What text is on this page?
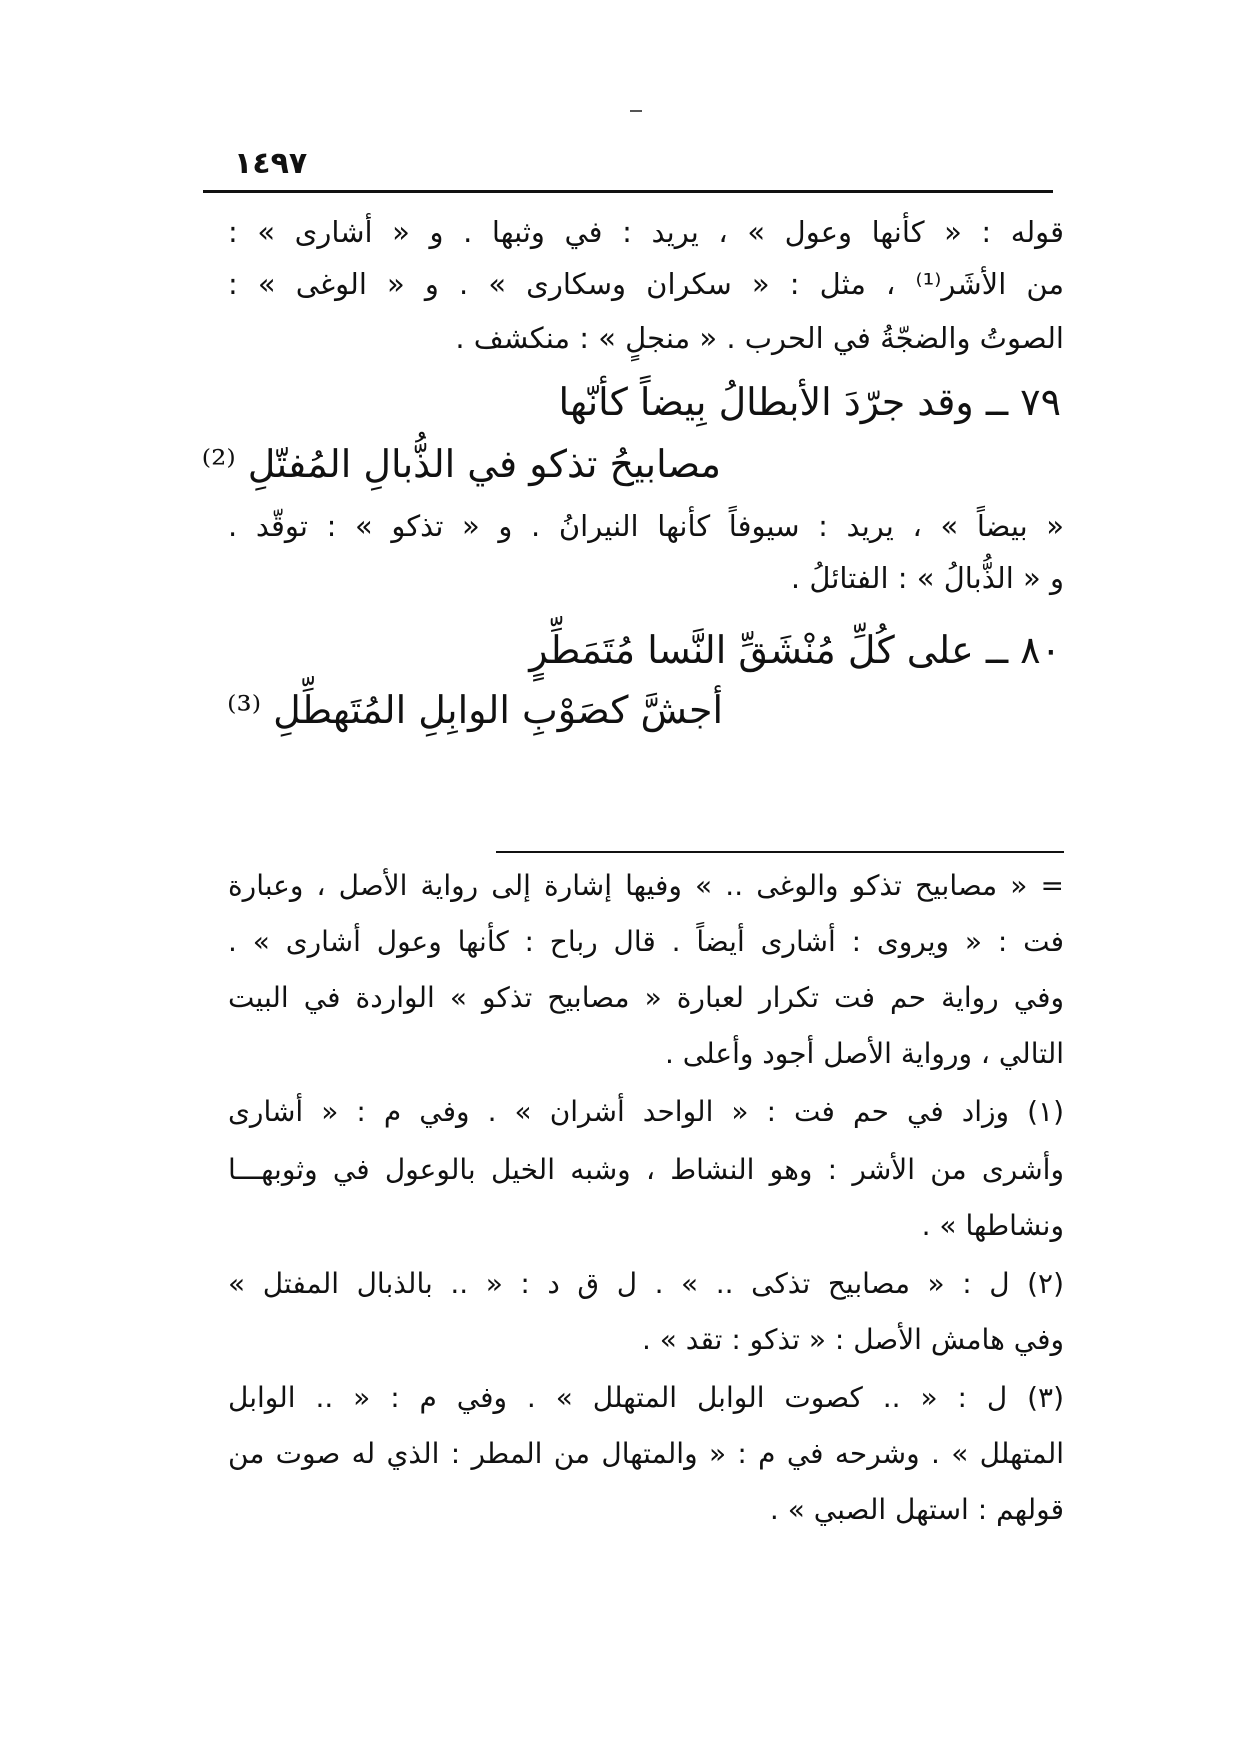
١٤٩٧
قوله : « كأنها وعول » ، يريد : في وثبها . و « أشارى » :
من الأشَر⁽¹⁾ ، مثل : « سكران وسكارى » . و « الوغى » :
الصوتُ والضجّةُ في الحرب . « منجلٍ » : منكشف .
٧٩ ــ وقد جرّدَ الأبطالُ بِيضاً كأنّها
مصابيحُ تذكو في الذُّبالِ المُفتّلِ ⁽²⁾
« بيضاً » ، يريد : سيوفاً كأنها النيرانُ . و « تذكو » : توقّد .
و « الذُّبالُ » : الفتائلُ .
٨٠ ــ على كُلِّ مُنْشَقِّ النَّسا مُتَمَطِّرٍ
أجشَّ كصَوْبِ الوابِلِ المُتَهطِّلِ ⁽³⁾
= « مصابيح تذكو والوغى .. » وفيها إشارة إلى رواية الأصل ، وعبارة
فت : « ويروى : أشارى أيضاً . قال رباح : كأنها وعول أشارى » .
وفي رواية حم فت تكرار لعبارة « مصابيح تذكو » الواردة في البيت
التالي ، ورواية الأصل أجود وأعلى .
(١) وزاد في حم فت : « الواحد أشران » . وفي م : « أشارى
وأشرى من الأشر : وهو النشاط ، وشبه الخيل بالوعول في وثوبهـــا
ونشاطها » .
(٢) ل : « مصابيح تذكى .. » . ل ق د : « .. بالذبال المفتل »
وفي هامش الأصل : « تذكو : تقد » .
(٣) ل : « .. كصوت الوابل المتهلل » . وفي م : « .. الوابل
المتهلل » . وشرحه في م : « والمتهال من المطر : الذي له صوت من
قولهم : استهل الصبي » .
